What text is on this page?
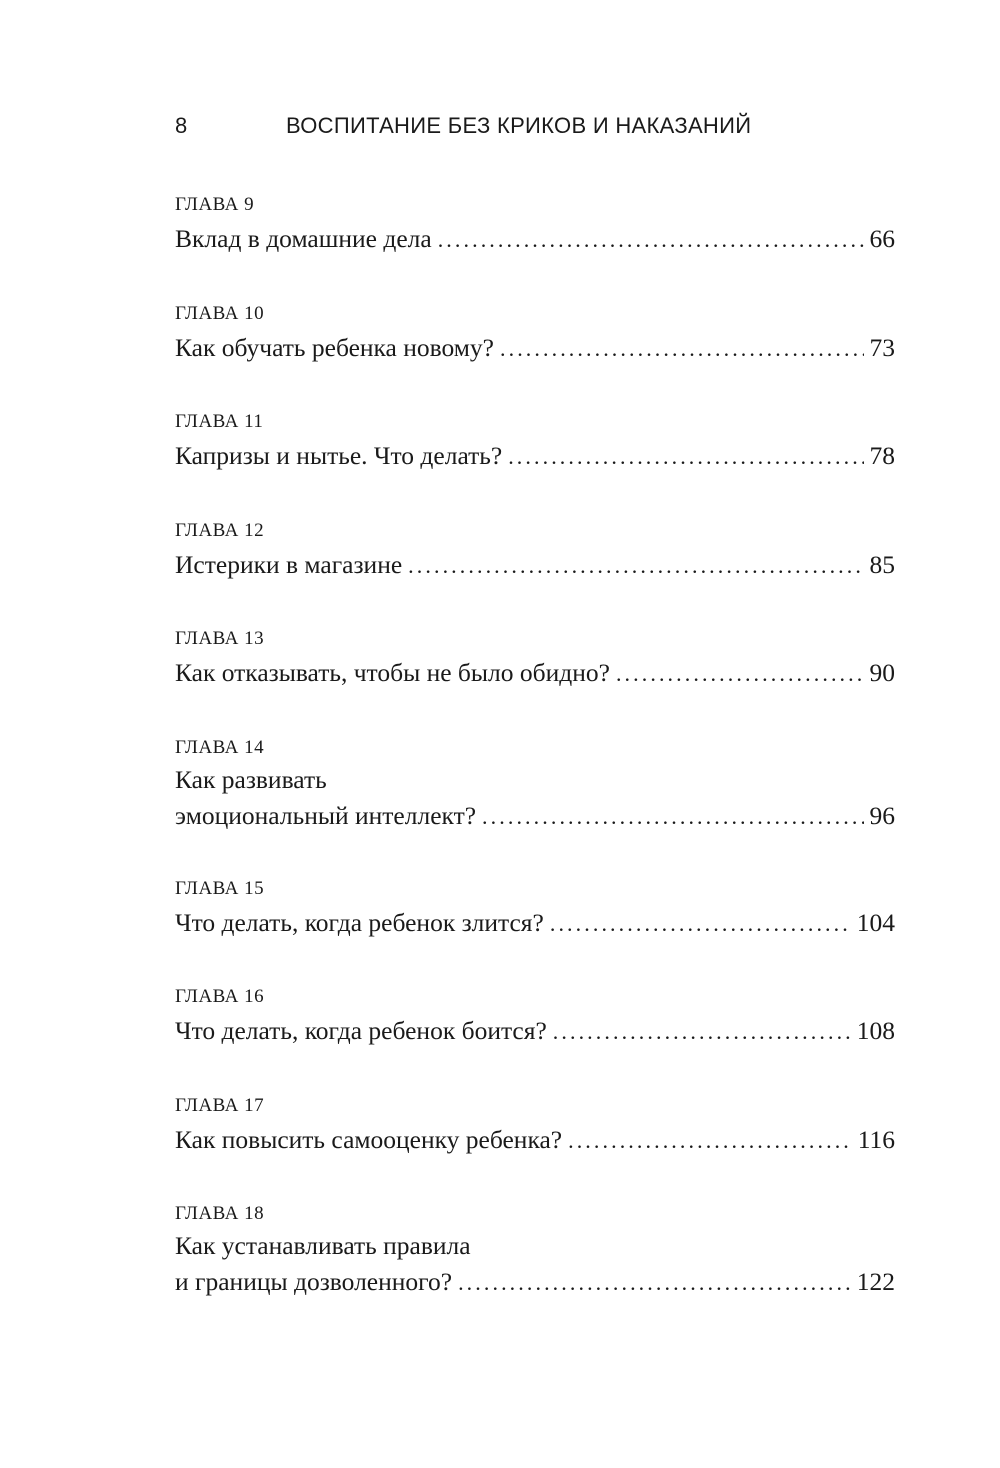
8	ВОСПИТАНИЕ БЕЗ КРИКОВ И НАКАЗАНИЙ
ГЛАВА 9
Вклад в домашние дела . . .	66
ГЛАВА 10
Как обучать ребенка новому? . . .	73
ГЛАВА 11
Капризы и нытье. Что делать? . . .	78
ГЛАВА 12
Истерики в магазине . . .	85
ГЛАВА 13
Как отказывать, чтобы не было обидно? . . .	90
ГЛАВА 14
Как развивать
эмоциональный интеллект? . . .	96
ГЛАВА 15
Что делать, когда ребенок злится? . . .	104
ГЛАВА 16
Что делать, когда ребенок боится? . . .	108
ГЛАВА 17
Как повысить самооценку ребенка? . . .	116
ГЛАВА 18
Как устанавливать правила
и границы дозволенного? . . .	122
